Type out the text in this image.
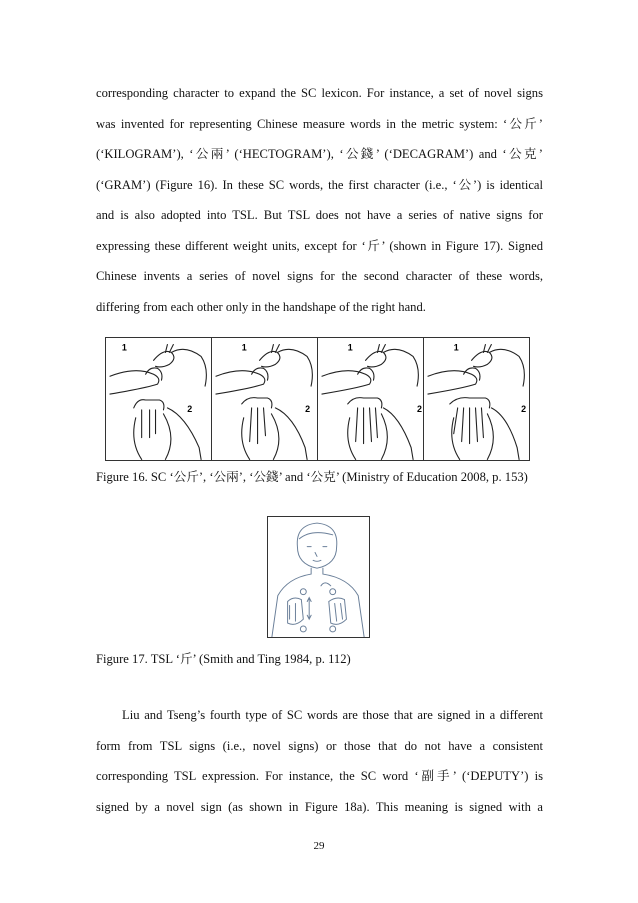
corresponding character to expand the SC lexicon. For instance, a set of novel signs
was invented for representing Chinese measure words in the metric system: ‘公斤’
(‘KILOGRAM’), ‘公兩’ (‘HECTOGRAM’), ‘公錢’ (‘DECAGRAM’) and ‘公克’
(‘GRAM’) (Figure 16). In these SC words, the first character (i.e., ‘公’) is identical
and is also adopted into TSL. But TSL does not have a series of native signs for
expressing these different weight units, except for ‘斤’ (shown in Figure 17). Signed
Chinese invents a series of novel signs for the second character of these words,
differing from each other only in the handshape of the right hand.
1
2
1
2
1
2
1
2
Figure 16. SC ‘公斤’, ‘公兩’, ‘公錢’ and ‘公克’ (Ministry of Education 2008, p. 153)
Figure 17. TSL ‘斤’ (Smith and Ting 1984, p. 112)
Liu and Tseng’s fourth type of SC words are those that are signed in a different
form from TSL signs (i.e., novel signs) or those that do not have a consistent
corresponding TSL expression. For instance, the SC word ‘副手’ (‘DEPUTY’) is
signed by a novel sign (as shown in Figure 18a). This meaning is signed with a
29
